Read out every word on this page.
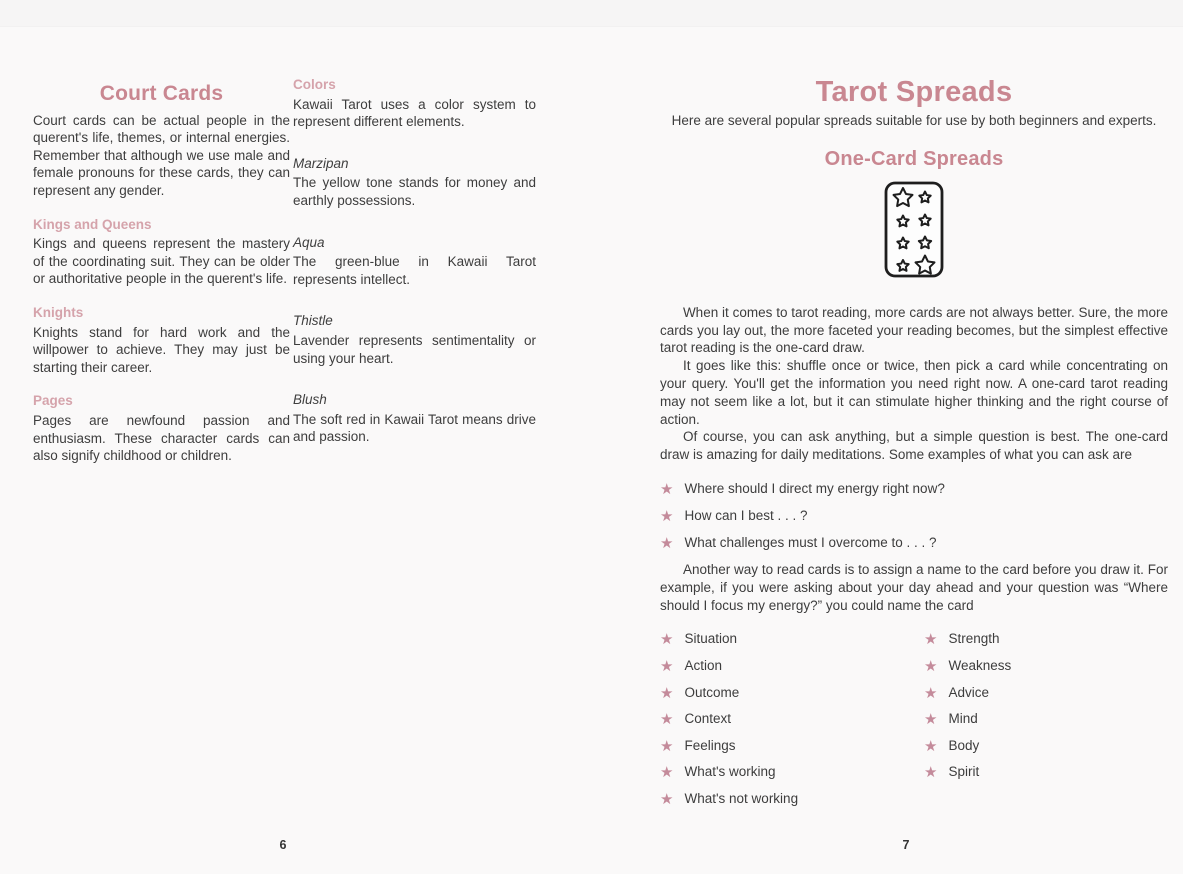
Court Cards

Court cards can be actual people in the querent's life, themes, or internal energies. Remember that although we use male and female pronouns for these cards, they can represent any gender.

Kings and Queens

Kings and queens represent the mastery of the coordinating suit. They can be older or authoritative people in the querent's life.

Knights

Knights stand for hard work and the willpower to achieve. They may just be starting their career.

Pages

Pages are newfound passion and enthusiasm. These character cards can also signify childhood or children.

Colors

Kawaii Tarot uses a color system to represent different elements.

Marzipan

The yellow tone stands for money and earthly possessions.

Aqua

The green-blue in Kawaii Tarot represents intellect.

Thistle

Lavender represents sentimentality or using your heart.

Blush

The soft red in Kawaii Tarot means drive and passion.

Tarot Spreads

Here are several popular spreads suitable for use by both beginners and experts.

One-Card Spreads

When it comes to tarot reading, more cards are not always better. Sure, the more cards you lay out, the more faceted your reading becomes, but the simplest effective tarot reading is the one-card draw.

It goes like this: shuffle once or twice, then pick a card while concentrating on your query. You'll get the information you need right now. A one-card tarot reading may not seem like a lot, but it can stimulate higher thinking and the right course of action.

Of course, you can ask anything, but a simple question is best. The one-card draw is amazing for daily meditations. Some examples of what you can ask are

★ Where should I direct my energy right now?
★ How can I best . . . ?
★ What challenges must I overcome to . . . ?

Another way to read cards is to assign a name to the card before you draw it. For example, if you were asking about your day ahead and your question was “Where should I focus my energy?” you could name the card

★ Situation
★ Action
★ Outcome
★ Context
★ Feelings
★ What's working
★ What's not working
★ Strength
★ Weakness
★ Advice
★ Mind
★ Body
★ Spirit
6	7
